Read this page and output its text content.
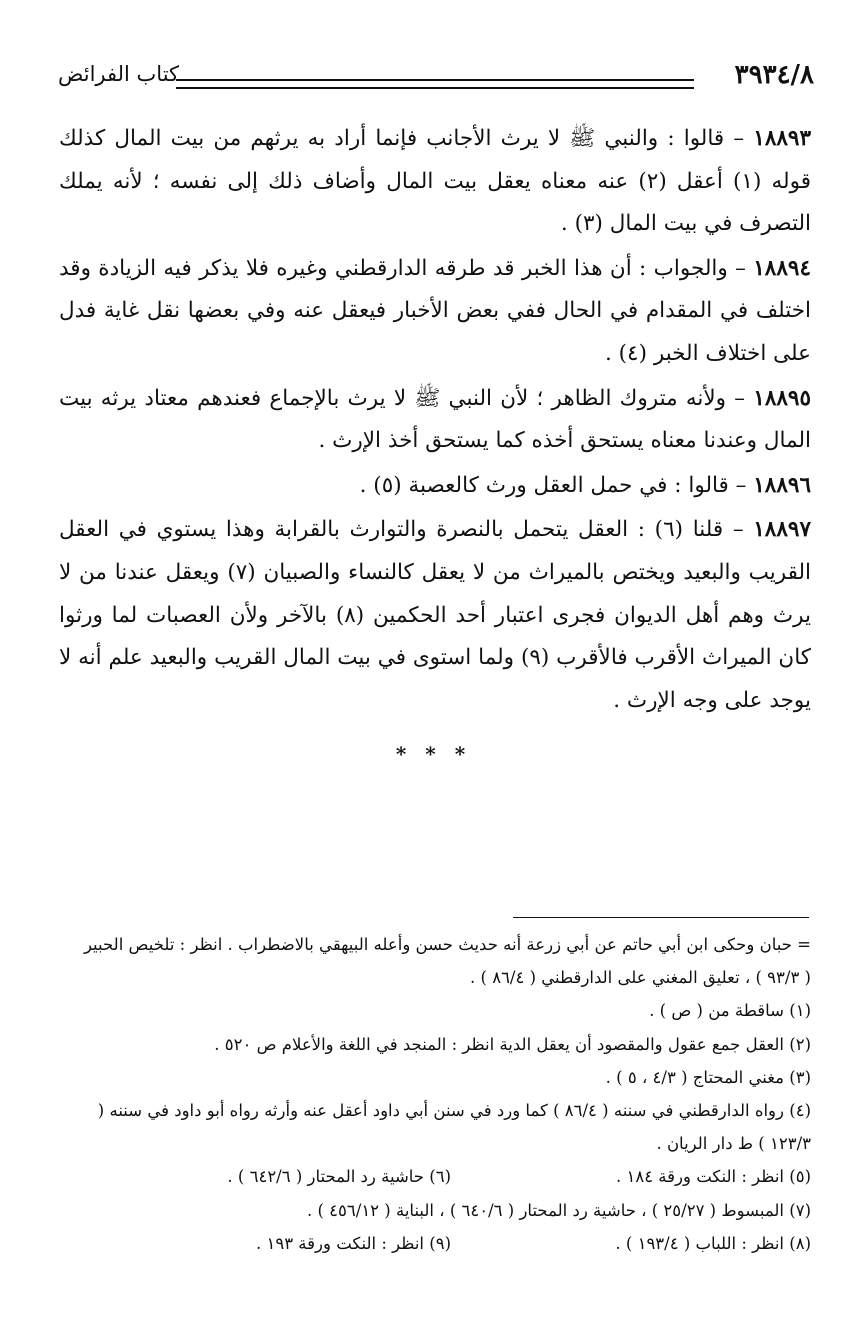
٣٩٣٤/٨
كتاب الفرائض

١٨٨٩٣ – قالوا : والنبي ﷺ لا يرث الأجانب فإنما أراد به يرثهم من بيت المال كذلك قوله (١) أعقل (٢) عنه معناه يعقل بيت المال وأضاف ذلك إلى نفسه ؛ لأنه يملك التصرف في بيت المال (٣) .

١٨٨٩٤ – والجواب : أن هذا الخبر قد طرقه الدارقطني وغيره فلا يذكر فيه الزيادة وقد اختلف في المقدام في الحال ففي بعض الأخبار فيعقل عنه وفي بعضها نقل غاية فدل على اختلاف الخبر (٤) .

١٨٨٩٥ – ولأنه متروك الظاهر ؛ لأن النبي ﷺ لا يرث بالإجماع فعندهم معتاد يرثه بيت المال وعندنا معناه يستحق أخذه كما يستحق أخذ الإرث .

١٨٨٩٦ – قالوا : في حمل العقل ورث كالعصبة (٥) .

١٨٨٩٧ – قلنا (٦) : العقل يتحمل بالنصرة والتوارث بالقرابة وهذا يستوي في العقل القريب والبعيد ويختص بالميراث من لا يعقل كالنساء والصبيان (٧) ويعقل عندنا من لا يرث وهم أهل الديوان فجرى اعتبار أحد الحكمين (٨) بالآخر ولأن العصبات لما ورثوا كان الميراث الأقرب فالأقرب (٩) ولما استوى في بيت المال القريب والبعيد علم أنه لا يوجد على وجه الإرث .

* * *

= حبان وحكى ابن أبي حاتم عن أبي زرعة أنه حديث حسن وأعله البيهقي بالاضطراب . انظر : تلخيص الحبير

( ٩٣/٣ ) ، تعليق المغني على الدارقطني ( ٨٦/٤ ) .

(١) ساقطة من ( ص ) .

(٢) العقل جمع عقول والمقصود أن يعقل الدية انظر : المنجد في اللغة والأعلام ص ٥٢٠ .

(٣) مغني المحتاج ( ٤/٣ ، ٥ ) .

(٤) رواه الدارقطني في سننه ( ٨٦/٤ ) كما ورد في سنن أبي داود أعقل عنه وأرثه رواه أبو داود في سننه ( ١٢٣/٣ ) ط دار الريان .

(٥) انظر : النكت ورقة ١٨٤ .
(٦) حاشية رد المحتار ( ٦٤٢/٦ ) .

(٧) المبسوط ( ٢٥/٢٧ ) ، حاشية رد المحتار ( ٦٤٠/٦ ) ، البناية ( ٤٥٦/١٢ ) .

(٨) انظر : اللباب ( ١٩٣/٤ ) .
(٩) انظر : النكت ورقة ١٩٣ .
